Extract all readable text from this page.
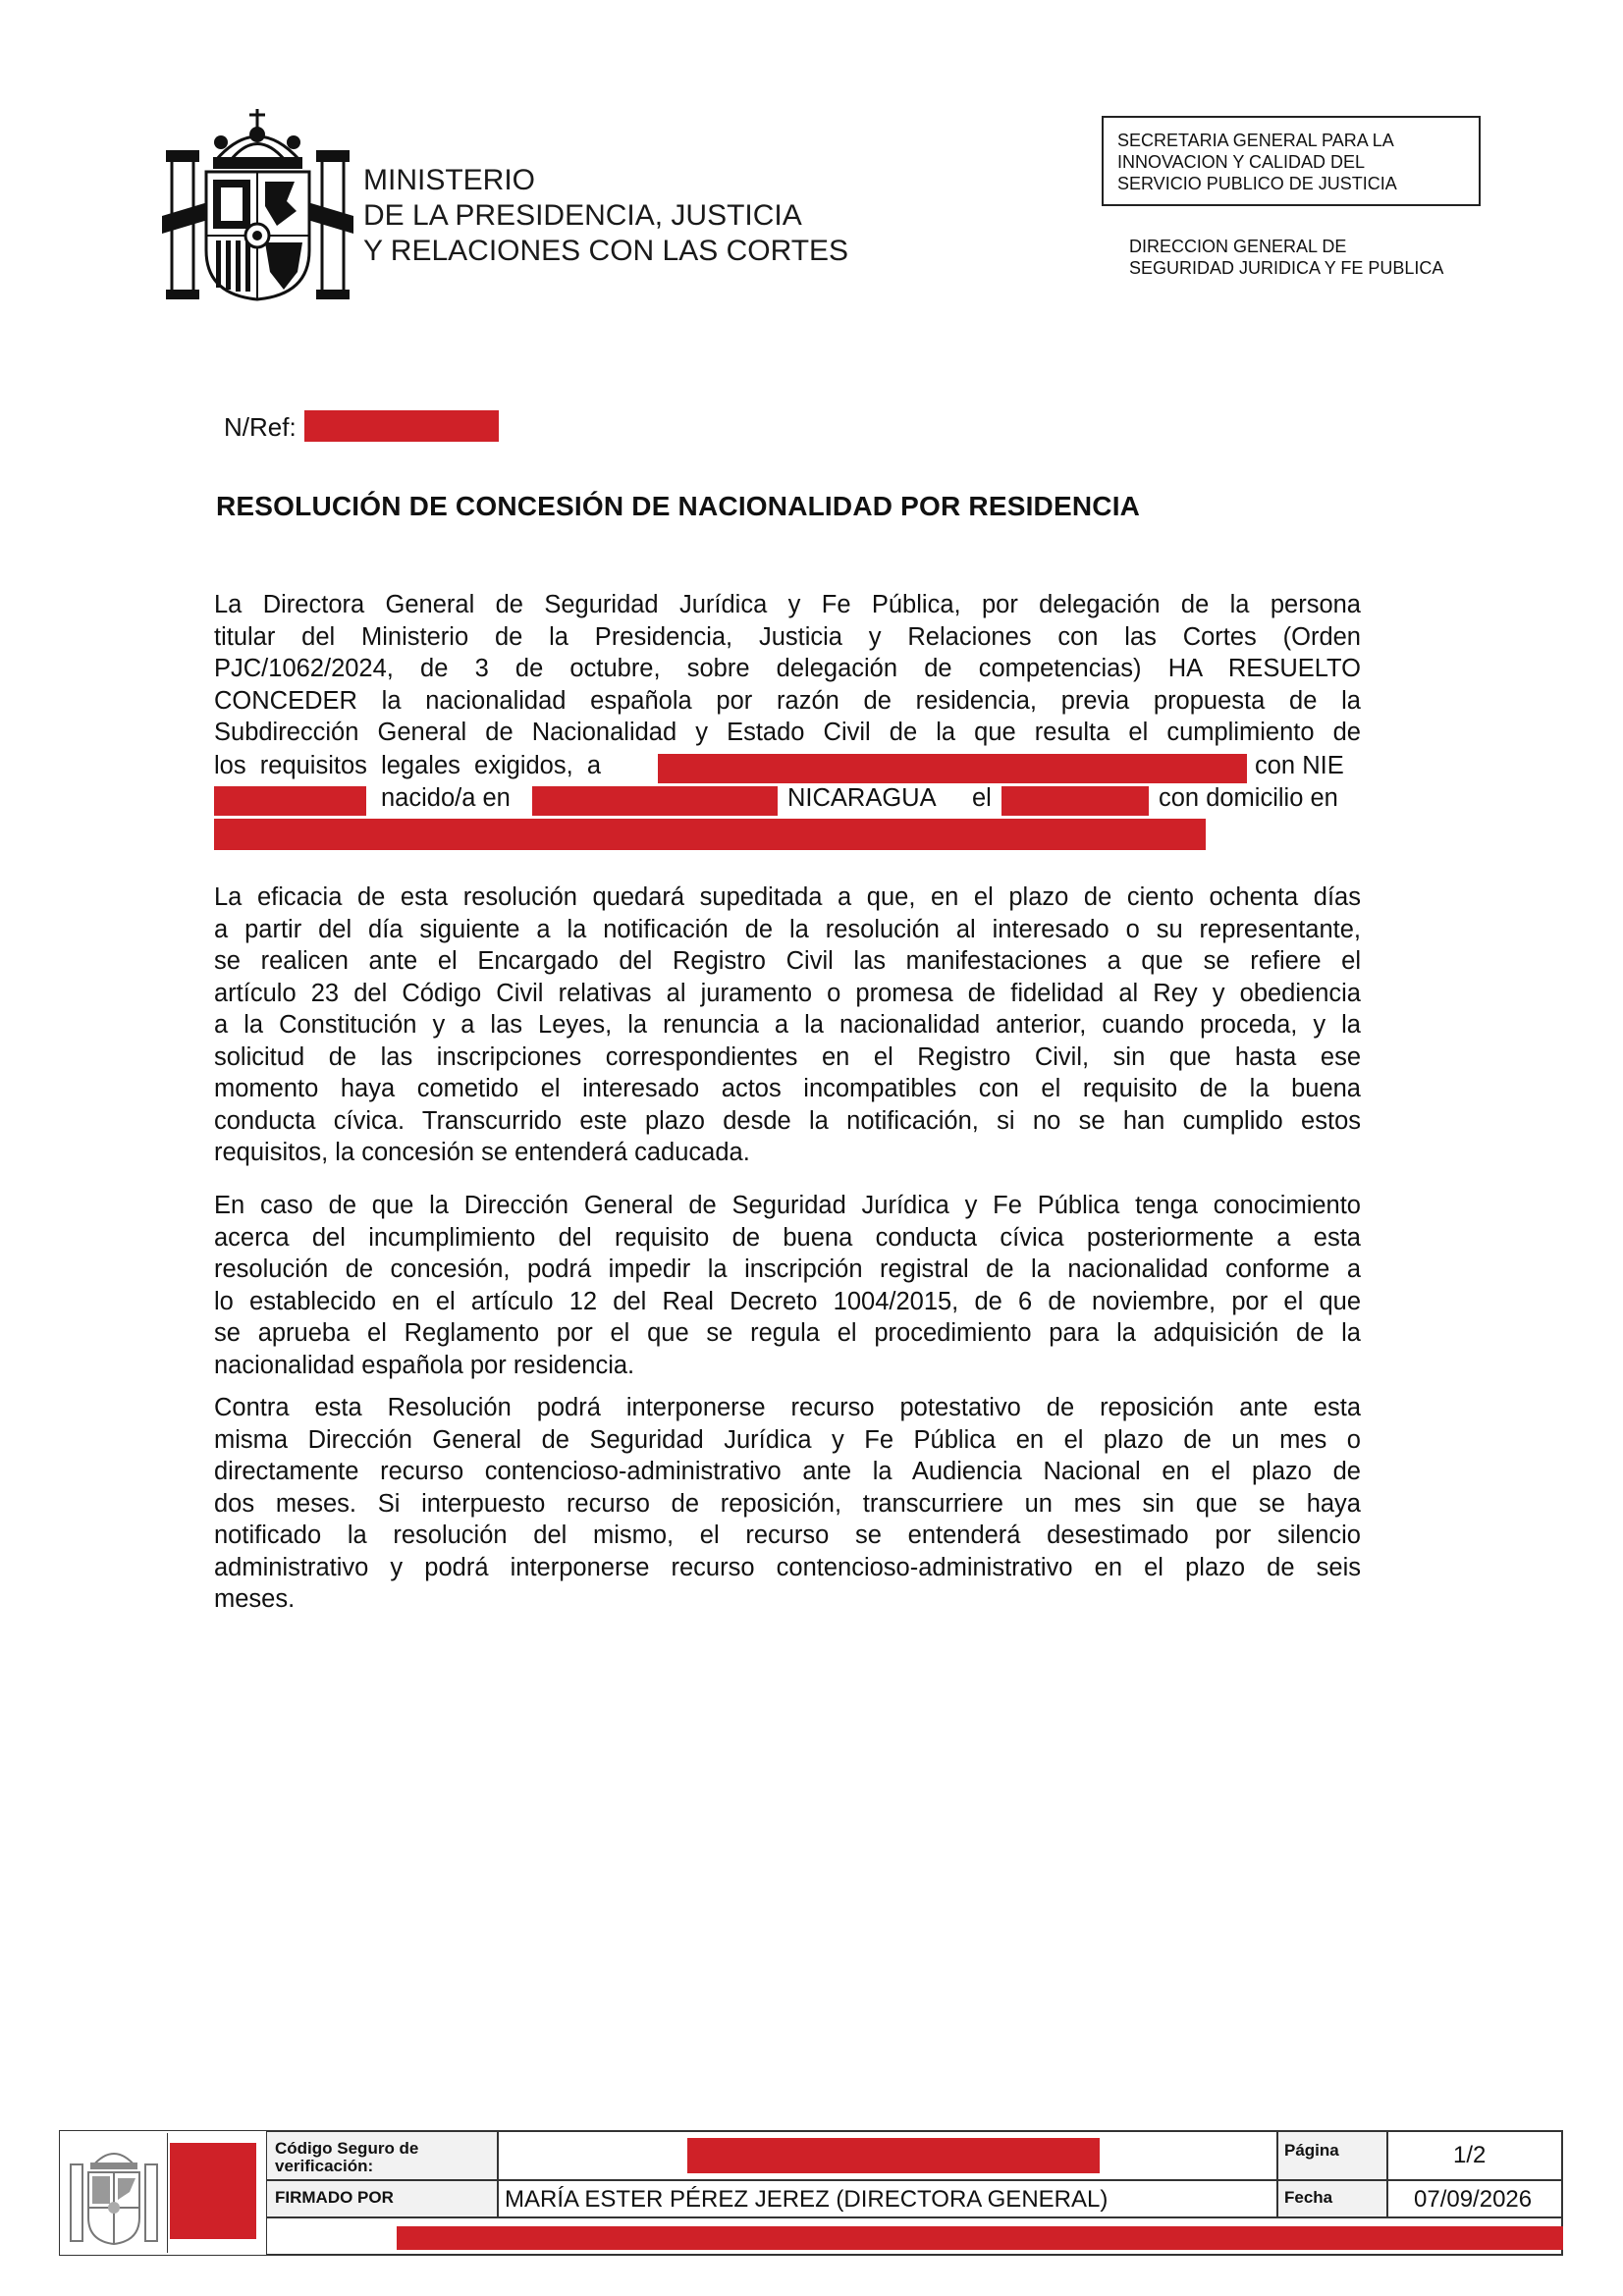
MINISTERIO
DE LA PRESIDENCIA, JUSTICIA
Y RELACIONES CON LAS CORTES
SECRETARIA GENERAL PARA LA
INNOVACION Y CALIDAD DEL
SERVICIO PUBLICO DE JUSTICIA
DIRECCION GENERAL DE
SEGURIDAD JURIDICA Y FE PUBLICA
N/Ref:
RESOLUCIÓN DE CONCESIÓN DE NACIONALIDAD POR RESIDENCIA
La Directora General de Seguridad Jurídica y Fe Pública, por delegación de la persona
titular del Ministerio de la Presidencia, Justicia y Relaciones con las Cortes (Orden
PJC/1062/2024, de 3 de octubre, sobre delegación de competencias) HA RESUELTO
CONCEDER la nacionalidad española por razón de residencia, previa propuesta de la
Subdirección General de Nacionalidad y Estado Civil de la que resulta el cumplimiento de
los  requisitos  legales  exigidos,  a	con NIE
nacido/a en	NICARAGUA el	con domicilio en
La eficacia de esta resolución quedará supeditada a que, en el plazo de ciento ochenta días
a partir del día siguiente a la notificación de la resolución al interesado o su representante,
se realicen ante el Encargado del Registro Civil las manifestaciones a que se refiere el
artículo 23 del Código Civil relativas al juramento o promesa de fidelidad al Rey y obediencia
a la Constitución y a las Leyes, la renuncia a la nacionalidad anterior, cuando proceda, y la
solicitud de las inscripciones correspondientes en el Registro Civil, sin que hasta ese
momento haya cometido el interesado actos incompatibles con el requisito de la buena
conducta cívica. Transcurrido este plazo desde la notificación, si no se han cumplido estos
requisitos, la concesión se entenderá caducada.
En caso de que la Dirección General de Seguridad Jurídica y Fe Pública tenga conocimiento
acerca del incumplimiento del requisito de buena conducta cívica posteriormente a esta
resolución de concesión, podrá impedir la inscripción registral de la nacionalidad conforme a
lo establecido en el artículo 12 del Real Decreto 1004/2015, de 6 de noviembre, por el que
se aprueba el Reglamento por el que se regula el procedimiento para la adquisición de la
nacionalidad española por residencia.
Contra esta Resolución podrá interponerse recurso potestativo de reposición ante esta
misma Dirección General de Seguridad Jurídica y Fe Pública en el plazo de un mes o
directamente recurso contencioso-administrativo ante la Audiencia Nacional en el plazo de
dos meses. Si interpuesto recurso de reposición, transcurriere un mes sin que se haya
notificado la resolución del mismo, el recurso se entenderá desestimado por silencio
administrativo y podrá interponerse recurso contencioso-administrativo en el plazo de seis
meses.
Código Seguro de verificación:
Página	1/2
FIRMADO POR	MARÍA ESTER PÉREZ JEREZ (DIRECTORA GENERAL)	Fecha	07/09/2026
